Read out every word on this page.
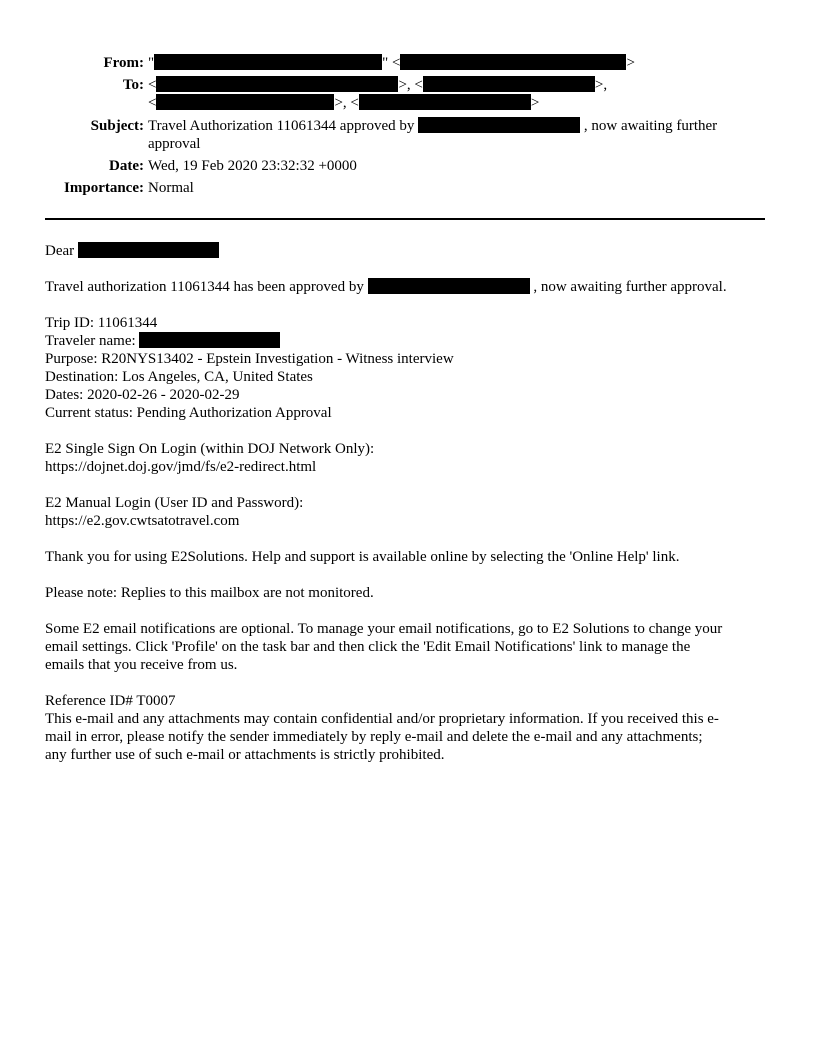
From: "	" <	>
To: <	>, <	>,
<	>, <	>
Subject: Travel Authorization 11061344 approved by	, now awaiting further
approval
Date: Wed, 19 Feb 2020 23:32:32 +0000
Importance: Normal
Dear
Travel authorization 11061344 has been approved by	, now awaiting further approval.
Trip ID: 11061344
Traveler name:
Purpose: R20NYS13402 - Epstein Investigation - Witness interview
Destination: Los Angeles, CA, United States
Dates: 2020-02-26 - 2020-02-29
Current status: Pending Authorization Approval
E2 Single Sign On Login (within DOJ Network Only):
https://dojnet.doj.gov/jmd/fs/e2-redirect.html
E2 Manual Login (User ID and Password):
https://e2.gov.cwtsatotravel.com
Thank you for using E2Solutions. Help and support is available online by selecting the 'Online Help' link.
Please note: Replies to this mailbox are not monitored.
Some E2 email notifications are optional. To manage your email notifications, go to E2 Solutions to change your
email settings. Click 'Profile' on the task bar and then click the 'Edit Email Notifications' link to manage the
emails that you receive from us.
Reference ID# T0007
This e-mail and any attachments may contain confidential and/or proprietary information. If you received this e-
mail in error, please notify the sender immediately by reply e-mail and delete the e-mail and any attachments;
any further use of such e-mail or attachments is strictly prohibited.
